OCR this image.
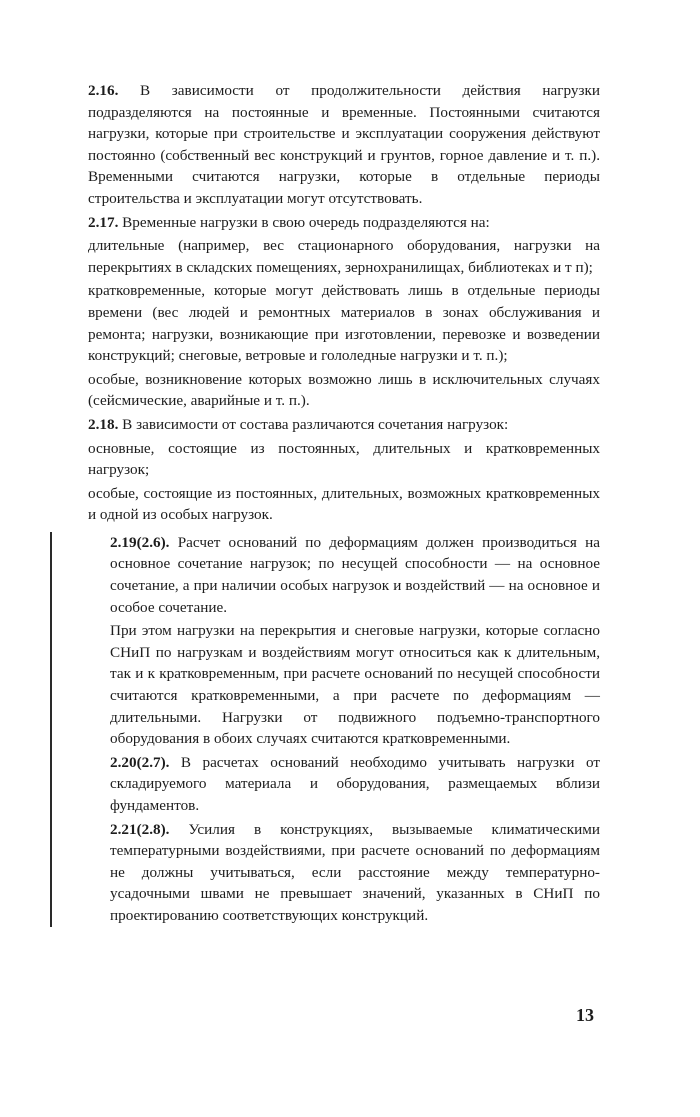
2.16. В зависимости от продолжительности действия нагрузки подразделяются на постоянные и временные. Постоянными считаются нагрузки, которые при строительстве и эксплуатации сооружения действуют постоянно (собственный вес конструкций и грунтов, горное давление и т. п.). Временными считаются нагрузки, которые в отдельные периоды строительства и эксплуатации могут отсутствовать.

2.17. Временные нагрузки в свою очередь подразделяются на:

длительные (например, вес стационарного оборудования, нагрузки на перекрытиях в складских помещениях, зернохранилищах, библиотеках и т п);

кратковременные, которые могут действовать лишь в отдельные периоды времени (вес людей и ремонтных материалов в зонах обслуживания и ремонта; нагрузки, возникающие при изготовлении, перевозке и возведении конструкций; снеговые, ветровые и гололедные нагрузки и т. п.);

особые, возникновение которых возможно лишь в исключительных случаях (сейсмические, аварийные и т. п.).

2.18. В зависимости от состава различаются сочетания нагрузок:

основные, состоящие из постоянных, длительных и кратковременных нагрузок;

особые, состоящие из постоянных, длительных, возможных кратковременных и одной из особых нагрузок.

2.19(2.6). Расчет оснований по деформациям должен производиться на основное сочетание нагрузок; по несущей способности — на основное сочетание, а при наличии особых нагрузок и воздействий — на основное и особое сочетание.

При этом нагрузки на перекрытия и снеговые нагрузки, которые согласно СНиП по нагрузкам и воздействиям могут относиться как к длительным, так и к кратковременным, при расчете оснований по несущей способности считаются кратковременными, а при расчете по деформациям — длительными. Нагрузки от подвижного подъемно-транспортного оборудования в обоих случаях считаются кратковременными.

2.20(2.7). В расчетах оснований необходимо учитывать нагрузки от складируемого материала и оборудования, размещаемых вблизи фундаментов.

2.21(2.8). Усилия в конструкциях, вызываемые климатическими температурными воздействиями, при расчете оснований по деформациям не должны учитываться, если расстояние между температурно-усадочными швами не превышает значений, указанных в СНиП по проектированию соответствующих конструкций.

13
